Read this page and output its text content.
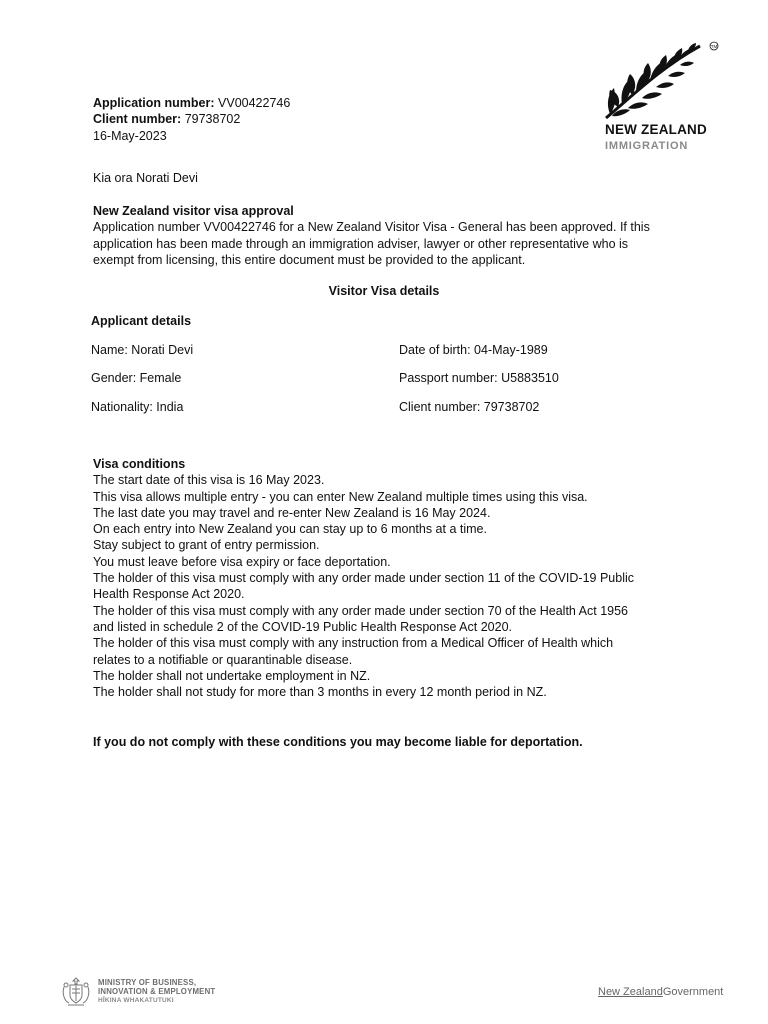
TM
NEW ZEALAND
IMMIGRATION
Application number: VV00422746
Client number: 79738702
16-May-2023
Kia ora Norati Devi
New Zealand visitor visa approval
Application number VV00422746 for a New Zealand Visitor Visa - General has been approved. If this
application has been made through an immigration adviser, lawyer or other representative who is
exempt from licensing, this entire document must be provided to the applicant.
Visitor Visa details
Applicant details
Name: Norati Devi	Date of birth: 04-May-1989
Gender: Female	Passport number: U5883510
Nationality: India	Client number: 79738702
Visa conditions
The start date of this visa is 16 May 2023.
This visa allows multiple entry - you can enter New Zealand multiple times using this visa.
The last date you may travel and re-enter New Zealand is 16 May 2024.
On each entry into New Zealand you can stay up to 6 months at a time.
Stay subject to grant of entry permission.
You must leave before visa expiry or face deportation.
The holder of this visa must comply with any order made under section 11 of the COVID-19 Public
Health Response Act 2020.
The holder of this visa must comply with any order made under section 70 of the Health Act 1956
and listed in schedule 2 of the COVID-19 Public Health Response Act 2020.
The holder of this visa must comply with any instruction from a Medical Officer of Health which
relates to a notifiable or quarantinable disease.
The holder shall not undertake employment in NZ.
The holder shall not study for more than 3 months in every 12 month period in NZ.
If you do not comply with these conditions you may become liable for deportation.
MINISTRY OF BUSINESS,
INNOVATION & EMPLOYMENT
HĪKINA WHAKATUTUKI
New ZealandGovernment
